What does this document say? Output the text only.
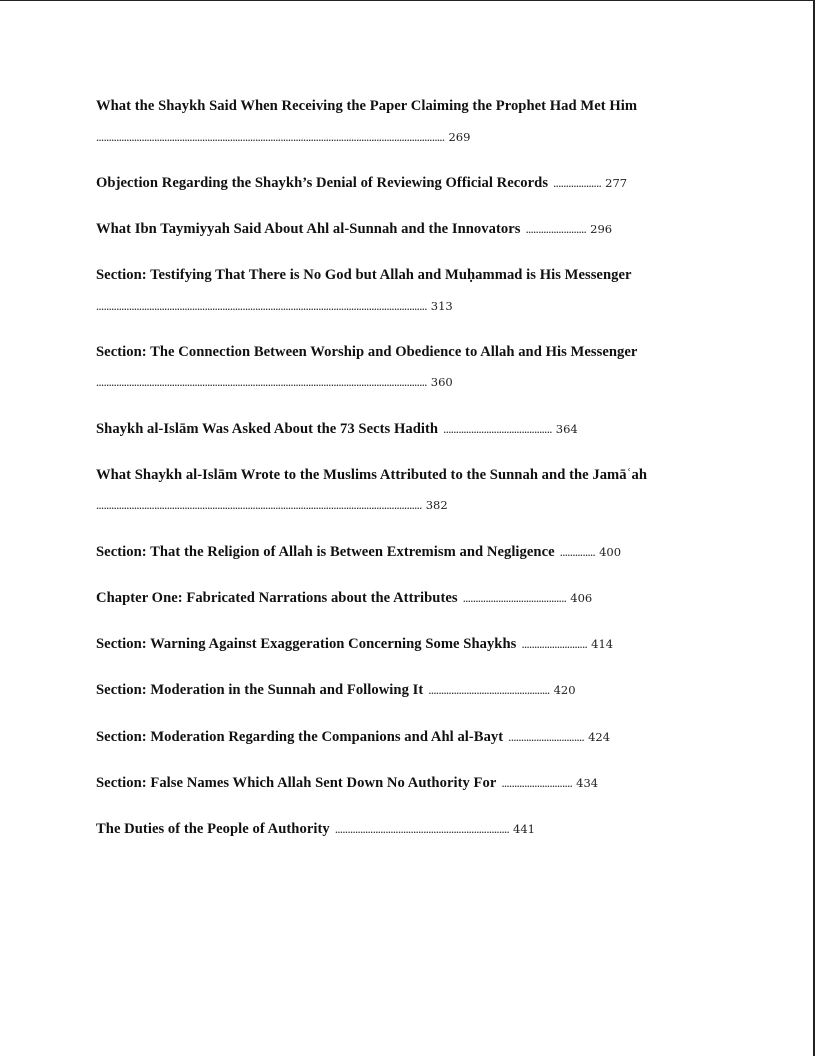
What the Shaykh Said When Receiving the Paper Claiming the Prophet Had Met Him
.......................................................................................................................................... 269
Objection Regarding the Shaykh’s Denial of Reviewing Official Records ................... 277
What Ibn Taymiyyah Said About Ahl al-Sunnah and the Innovators ........................ 296
Section: Testifying That There is No God but Allah and Muḥammad is His Messenger
................................................................................................................................... 313
Section: The Connection Between Worship and Obedience to Allah and His Messenger
................................................................................................................................... 360
Shaykh al-Islām Was Asked About the 73 Sects Hadith ........................................... 364
What Shaykh al-Islām Wrote to the Muslims Attributed to the Sunnah and the Jamāʿah
................................................................................................................................. 382
Section: That the Religion of Allah is Between Extremism and Negligence .............. 400
Chapter One: Fabricated Narrations about the Attributes ......................................... 406
Section: Warning Against Exaggeration Concerning Some Shaykhs .......................... 414
Section: Moderation in the Sunnah and Following It ................................................ 420
Section: Moderation Regarding the Companions and Ahl al-Bayt .............................. 424
Section: False Names Which Allah Sent Down No Authority For ............................ 434
The Duties of the People of Authority ..................................................................... 441
